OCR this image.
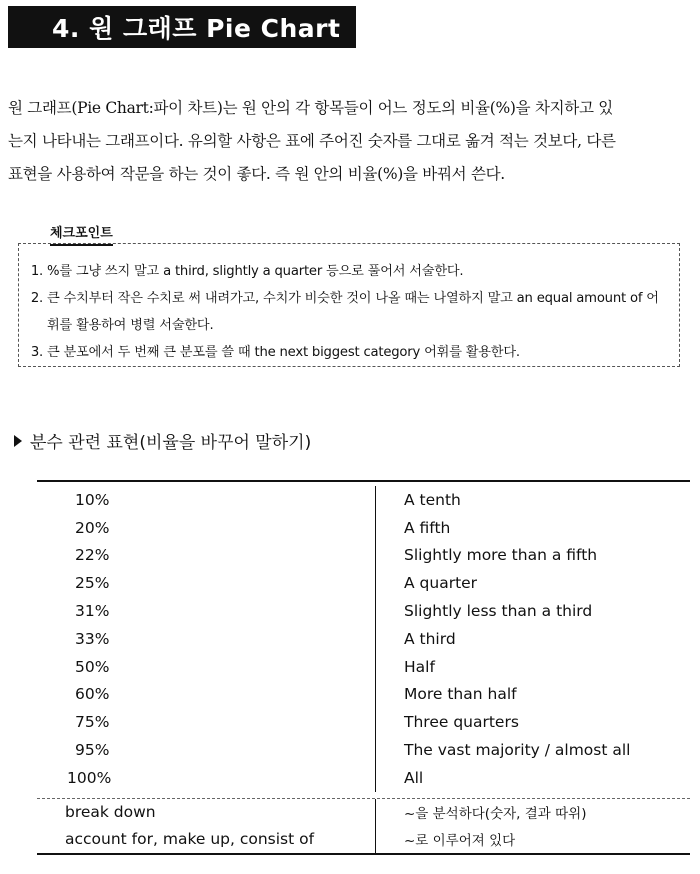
4. 원 그래프 Pie Chart

원 그래프(Pie Chart:파이 차트)는 원 안의 각 항목들이 어느 정도의 비율(%)을 차지하고 있

는지 나타내는 그래프이다. 유의할 사항은 표에 주어진 숫자를 그대로 옮겨 적는 것보다, 다른

표현을 사용하여 작문을 하는 것이 좋다. 즉 원 안의 비율(%)을 바꿔서 쓴다.

체크포인트
1. %를 그냥 쓰지 말고 a third, slightly a quarter 등으로 풀어서 서술한다.
2. 큰 수치부터 작은 수치로 써 내려가고, 수치가 비슷한 것이 나올 때는 나열하지 말고 an equal amount of 어휘를 활용하여 병렬 서술한다.
3. 큰 분포에서 두 번째 큰 분포를 쓸 때 the next biggest category 어휘를 활용한다.
분수 관련 표현(비율을 바꾸어 말하기)
10%	A tenth
20%	A fifth
22%	Slightly more than a fifth
25%	A quarter
31%	Slightly less than a third
33%	A third
50%	Half
60%	More than half
75%	Three quarters
95%	The vast majority / almost all
100%	All
break down	~을 분석하다(숫자, 결과 따위)
account for, make up, consist of	~로 이루어져 있다
